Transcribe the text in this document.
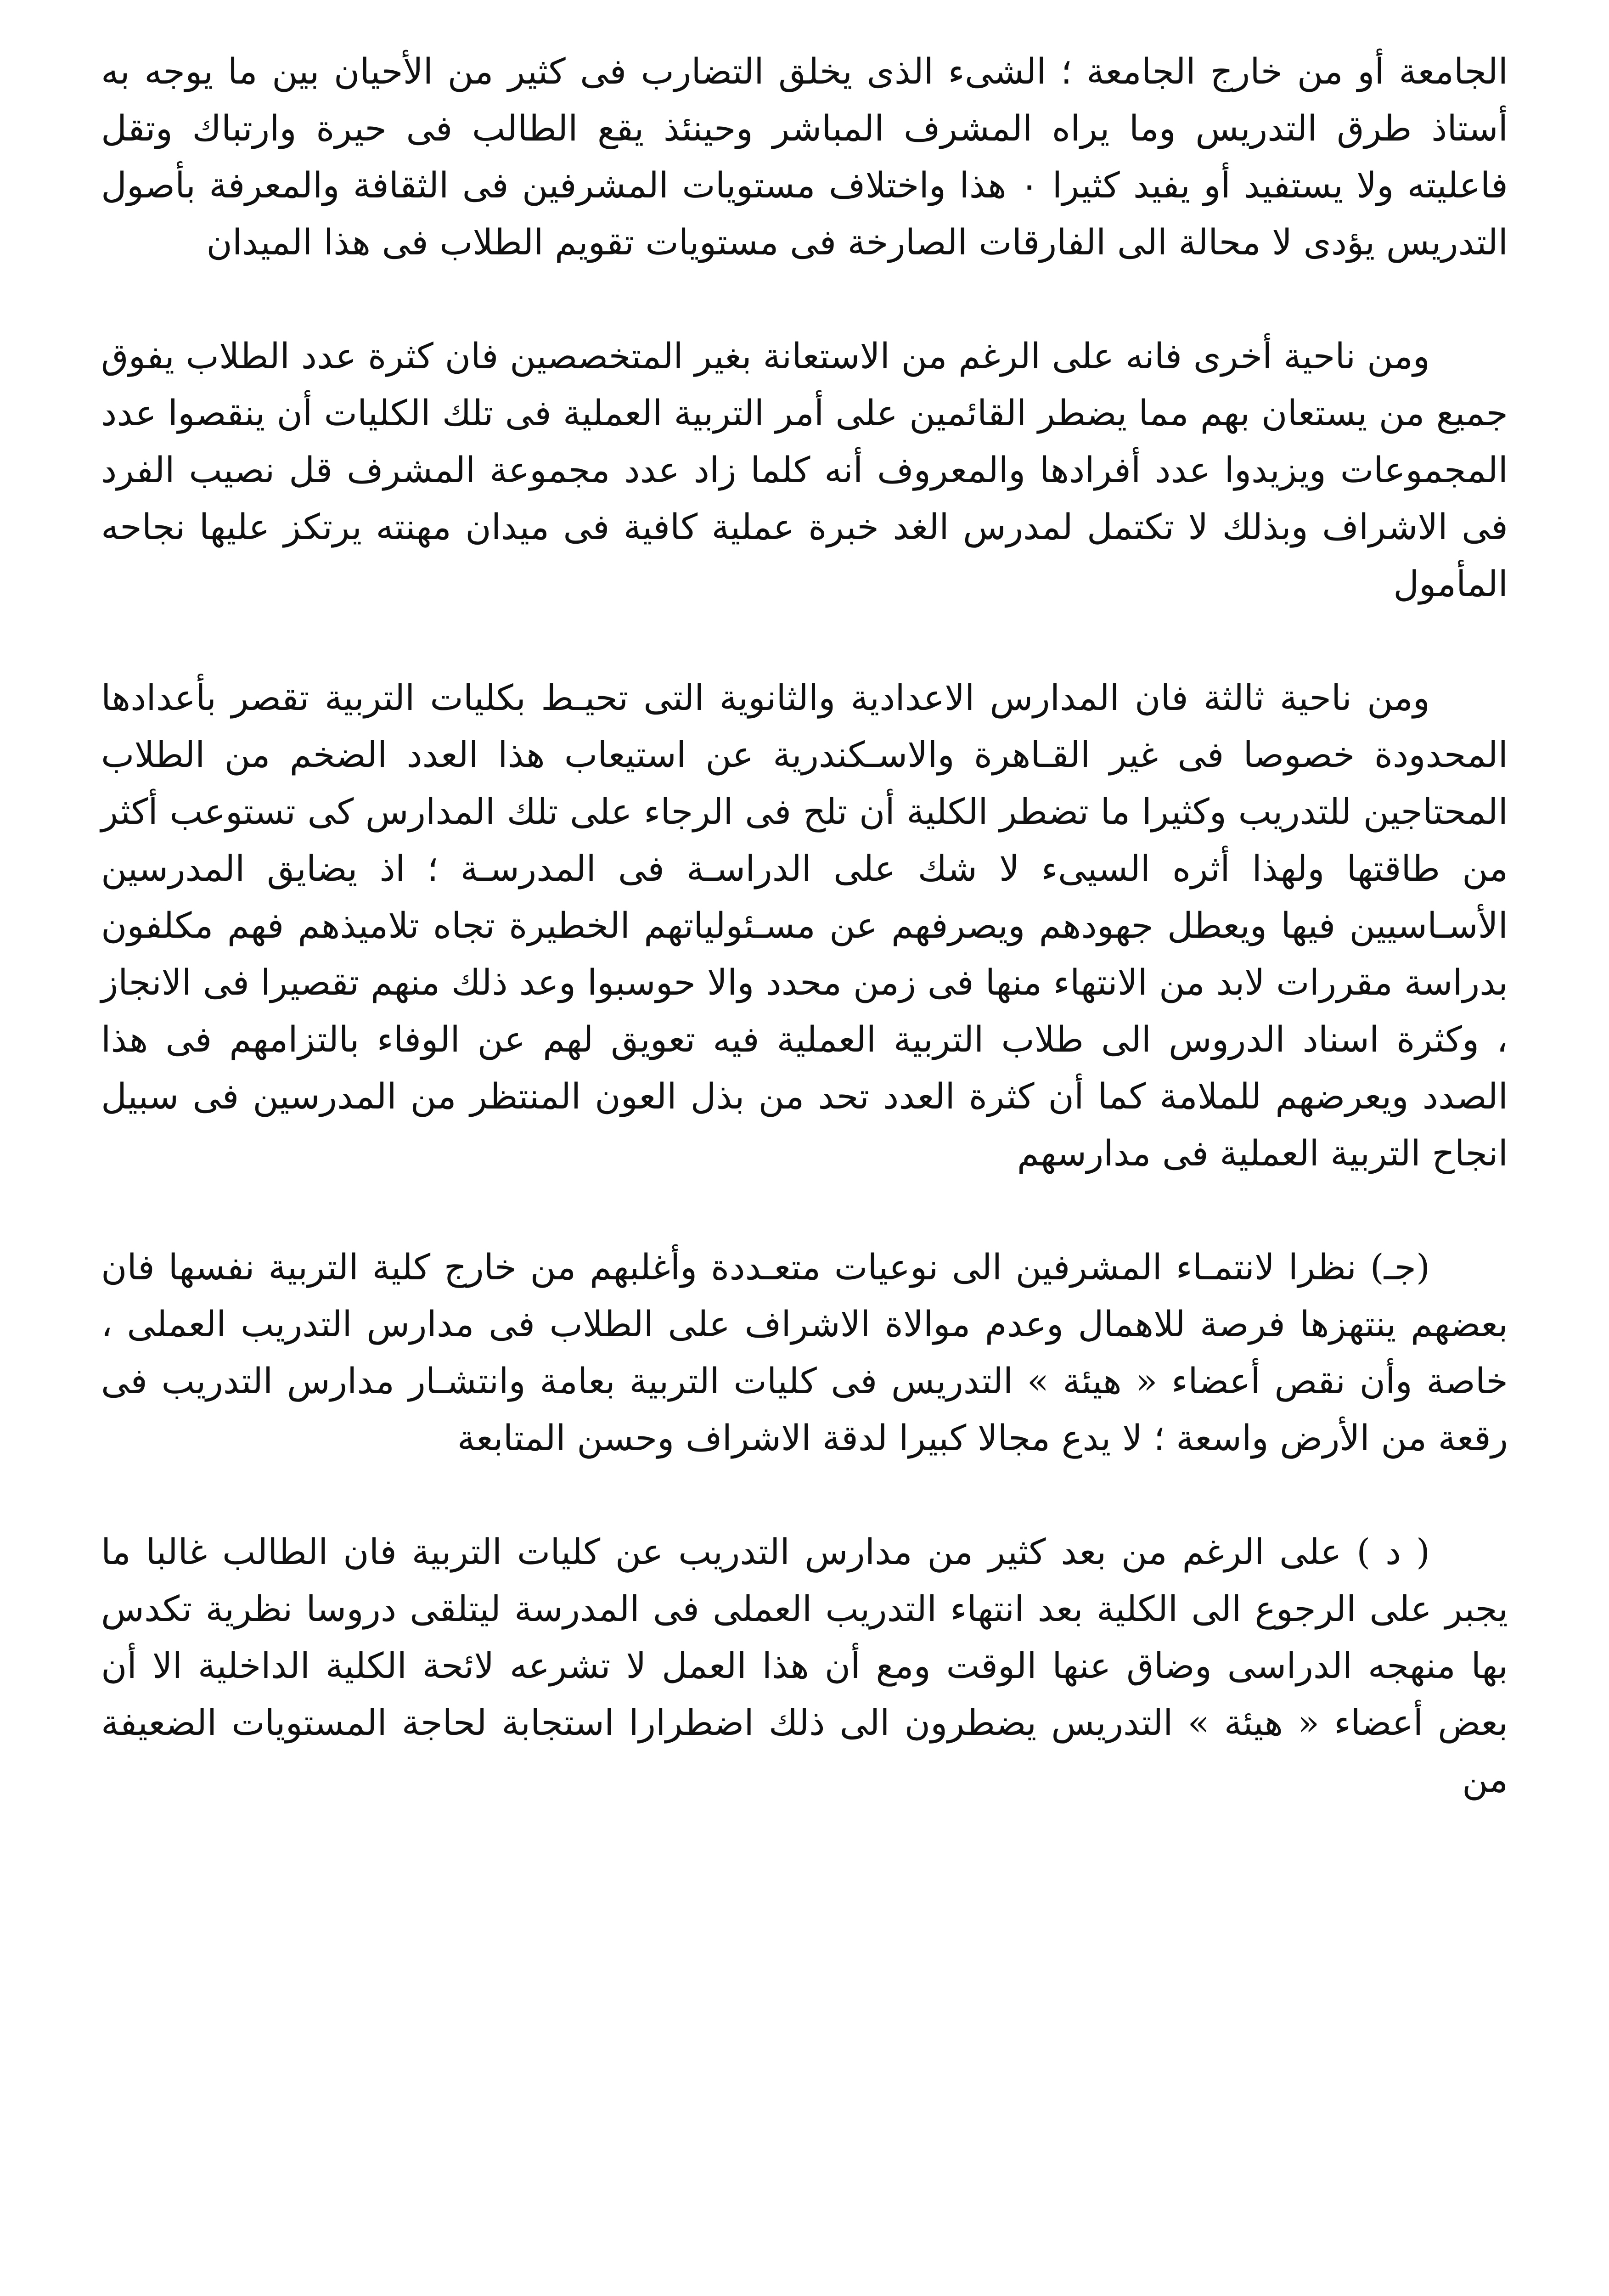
الجامعة أو من خارج الجامعة ؛ الشىء الذى يخلق التضارب فى كثير من الأحيان بين ما يوجه به أستاذ طرق التدريس وما يراه المشرف المباشر وحينئذ يقع الطالب فى حيرة وارتباك وتقل فاعليته ولا يستفيد أو يفيد كثيرا ٠ هذا واختلاف مستويات المشرفين فى الثقافة والمعرفة بأصول التدريس يؤدى لا محالة الى الفارقات الصارخة فى مستويات تقويم الطلاب فى هذا الميدان

ومن ناحية أخرى فانه على الرغم من الاستعانة بغير المتخصصين فان كثرة عدد الطلاب يفوق جميع من يستعان بهم مما يضطر القائمين على أمر التربية العملية فى تلك الكليات أن ينقصوا عدد المجموعات ويزيدوا عدد أفرادها والمعروف أنه كلما زاد عدد مجموعة المشرف قل نصيب الفرد فى الاشراف وبذلك لا تكتمل لمدرس الغد خبرة عملية كافية فى ميدان مهنته يرتكز عليها نجاحه المأمول

ومن ناحية ثالثة فان المدارس الاعدادية والثانوية التى تحيـط بكليات التربية تقصر بأعدادها المحدودة خصوصا فى غير القـاهرة والاسـكندرية عن استيعاب هذا العدد الضخم من الطلاب المحتاجين للتدريب وكثيرا ما تضطر الكلية أن تلح فى الرجاء على تلك المدارس كى تستوعب أكثر من طاقتها ولهذا أثره السيىء لا شك على الدراسـة فى المدرسـة ؛ اذ يضايق المدرسين الأسـاسيين فيها ويعطل جهودهم ويصرفهم عن مسـئولياتهم الخطيرة تجاه تلاميذهم فهم مكلفون بدراسة مقررات لابد من الانتهاء منها فى زمن محدد والا حوسبوا وعد ذلك منهم تقصيرا فى الانجاز ، وكثرة اسناد الدروس الى طلاب التربية العملية فيه تعويق لهم عن الوفاء بالتزامهم فى هذا الصدد ويعرضهم للملامة كما أن كثرة العدد تحد من بذل العون المنتظر من المدرسين فى سبيل انجاح التربية العملية فى مدارسهم

(جـ) نظرا لانتمـاء المشرفين الى نوعيات متعـددة وأغلبهم من خارج كلية التربية نفسها فان بعضهم ينتهزها فرصة للاهمال وعدم موالاة الاشراف على الطلاب فى مدارس التدريب العملى ، خاصة وأن نقص أعضاء « هيئة » التدريس فى كليات التربية بعامة وانتشـار مدارس التدريب فى رقعة من الأرض واسعة ؛ لا يدع مجالا كبيرا لدقة الاشراف وحسن المتابعة

( د ) على الرغم من بعد كثير من مدارس التدريب عن كليات التربية فان الطالب غالبا ما يجبر على الرجوع الى الكلية بعد انتهاء التدريب العملى فى المدرسة ليتلقى دروسا نظرية تكدس بها منهجه الدراسى وضاق عنها الوقت ومع أن هذا العمل لا تشرعه لائحة الكلية الداخلية الا أن بعض أعضاء « هيئة » التدريس يضطرون الى ذلك اضطرارا استجابة لحاجة المستويات الضعيفة من
